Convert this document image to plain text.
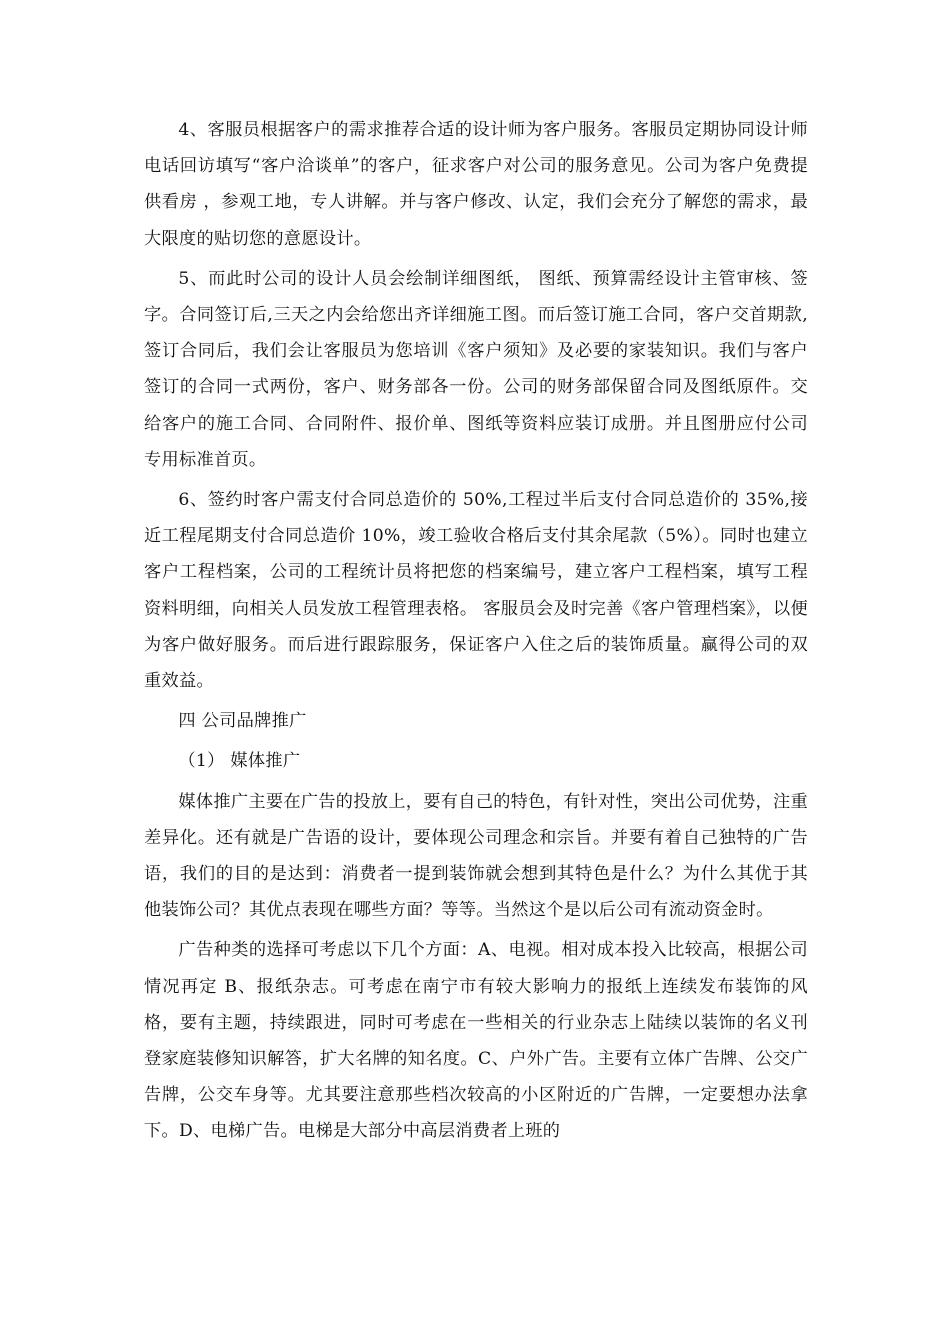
4、客服员根据客户的需求推荐合适的设计师为客户服务。客服员定期协同设计师电话回访填写“客户洽谈单”的客户，征求客户对公司的服务意见。公司为客户免费提供看房 ，参观工地，专人讲解。并与客户修改、认定，我们会充分了解您的需求，最大限度的贴切您的意愿设计。

5、而此时公司的设计人员会绘制详细图纸， 图纸、预算需经设计主管审核、签字。合同签订后,三天之内会给您出齐详细施工图。而后签订施工合同，客户交首期款,签订合同后，我们会让客服员为您培训《客户须知》及必要的家装知识。我们与客户签订的合同一式两份，客户、财务部各一份。公司的财务部保留合同及图纸原件。交给客户的施工合同、合同附件、报价单、图纸等资料应装订成册。并且图册应付公司专用标准首页。

6、签约时客户需支付合同总造价的 50%,工程过半后支付合同总造价的 35%,接近工程尾期支付合同总造价 10%，竣工验收合格后支付其余尾款（5%）。同时也建立客户工程档案，公司的工程统计员将把您的档案编号，建立客户工程档案，填写工程资料明细，向相关人员发放工程管理表格。 客服员会及时完善《客户管理档案》，以便为客户做好服务。而后进行跟踪服务，保证客户入住之后的装饰质量。赢得公司的双重效益。

四 公司品牌推广

（1） 媒体推广

媒体推广主要在广告的投放上，要有自己的特色，有针对性，突出公司优势，注重差异化。还有就是广告语的设计，要体现公司理念和宗旨。并要有着自己独特的广告语，我们的目的是达到：消费者一提到装饰就会想到其特色是什么？为什么其优于其他装饰公司？其优点表现在哪些方面？等等。当然这个是以后公司有流动资金时。

广告种类的选择可考虑以下几个方面：A、电视。相对成本投入比较高，根据公司情况再定 B、报纸杂志。可考虑在南宁市有较大影响力的报纸上连续发布装饰的风格，要有主题，持续跟进，同时可考虑在一些相关的行业杂志上陆续以装饰的名义刊登家庭装修知识解答，扩大名牌的知名度。C、户外广告。主要有立体广告牌、公交广告牌，公交车身等。尤其要注意那些档次较高的小区附近的广告牌，一定要想办法拿下。D、电梯广告。电梯是大部分中高层消费者上班的
